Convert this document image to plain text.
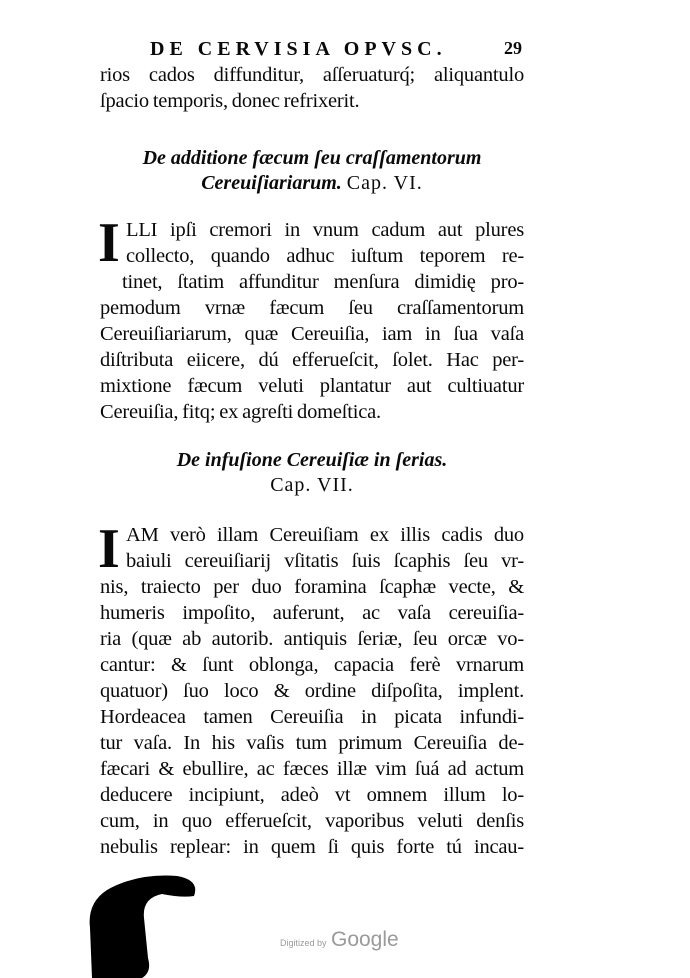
DE CERVISIA OPVSC.	29
rios cados diffunditur, aſſeruaturq́; aliquantulo
ſpacio temporis, donec refrixerit.
De additione fæcum ſeu craſſamentorum
Cereuiſiariarum. Cap. VI.
I LLI ipſi cremori in vnum cadum aut plures
collecto, quando adhuc iuſtum teporem re-
tinet, ſtatim affunditur menſura dimidię pro-
pemodum vrnæ fæcum ſeu craſſamentorum
Cereuiſiariarum, quæ Cereuiſia, iam in ſua vaſa
diſtributa eiicere, dú efferueſcit, ſolet. Hac per-
mixtione fæcum veluti plantatur aut cultiuatur
Cereuiſia, fitq; ex agreſti domeſtica.
De infuſione Cereuiſiæ in ſerias.
Cap. VII.
I AM verò illam Cereuiſiam ex illis cadis duo
baiuli cereuiſiarij vſitatis ſuis ſcaphis ſeu vr-
nis, traiecto per duo foramina ſcaphæ vecte, &
humeris impoſito, auferunt, ac vaſa cereuiſia-
ria (quæ ab autorib. antiquis ſeriæ, ſeu orcæ vo-
cantur: & ſunt oblonga, capacia ferè vrnarum
quatuor) ſuo loco & ordine diſpoſita, implent.
Hordeacea tamen Cereuiſia in picata infundi-
tur vaſa. In his vaſis tum primum Cereuiſia de-
fæcari & ebullire, ac fæces illæ vim ſuá ad actum
deducere incipiunt, adeò vt omnem illum lo-
cum, in quo efferueſcit, vaporibus veluti denſis
nebulis replear: in quem ſi quis forte tú incau-
Digitized by Google
